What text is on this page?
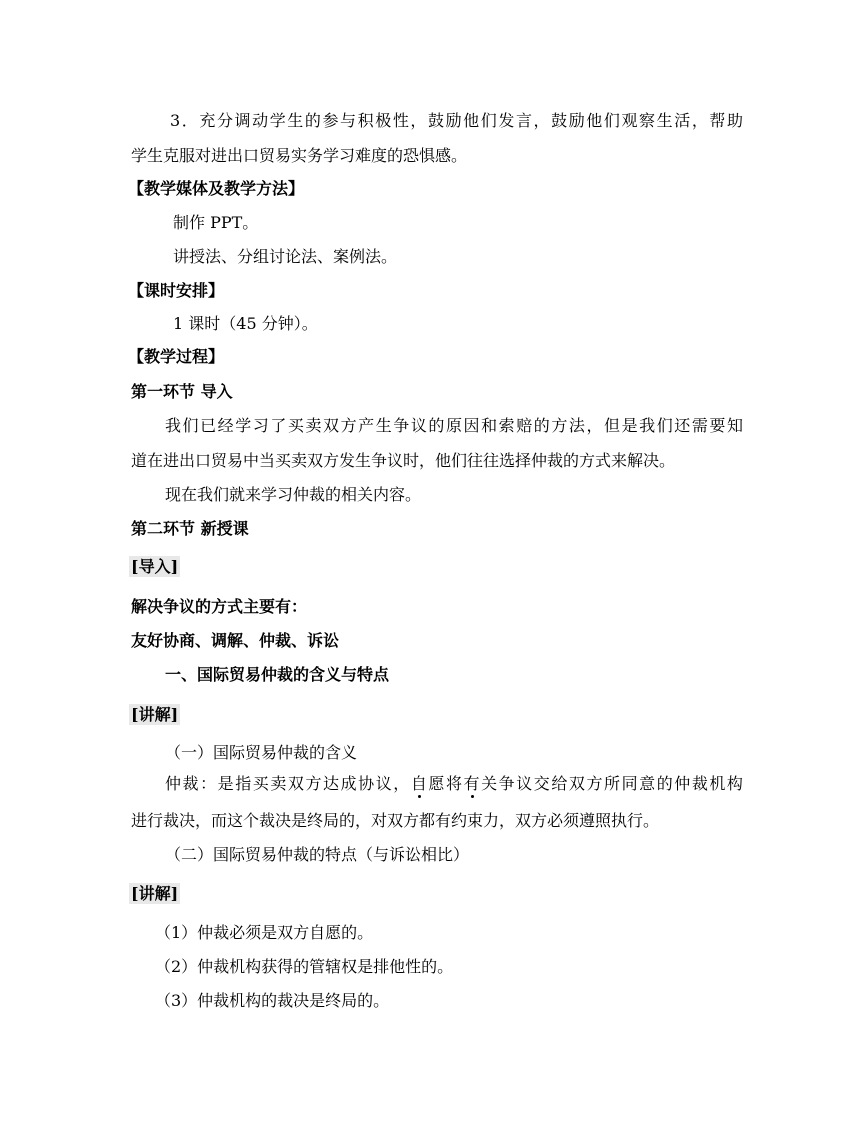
3．充分调动学生的参与积极性，鼓励他们发言，鼓励他们观察生活，帮助
学生克服对进出口贸易实务学习难度的恐惧感。
【教学媒体及教学方法】
制作 PPT。
讲授法、分组讨论法、案例法。
【课时安排】
1 课时（45 分钟）。
【教学过程】
第一环节 导入
我们已经学习了买卖双方产生争议的原因和索赔的方法，但是我们还需要知
道在进出口贸易中当买卖双方发生争议时，他们往往选择仲裁的方式来解决。
现在我们就来学习仲裁的相关内容。
第二环节 新授课
[导入]
解决争议的方式主要有：
友好协商、调解、仲裁、诉讼
一、国际贸易仲裁的含义与特点
[讲解]
（一）国际贸易仲裁的含义
仲裁：是指买卖双方达成协议，自愿将有关争议交给双方所同意的仲裁机构
进行裁决，而这个裁决是终局的，对双方都有约束力，双方必须遵照执行。
（二）国际贸易仲裁的特点（与诉讼相比）
[讲解]
（1）仲裁必须是双方自愿的。
（2）仲裁机构获得的管辖权是排他性的。
（3）仲裁机构的裁决是终局的。
